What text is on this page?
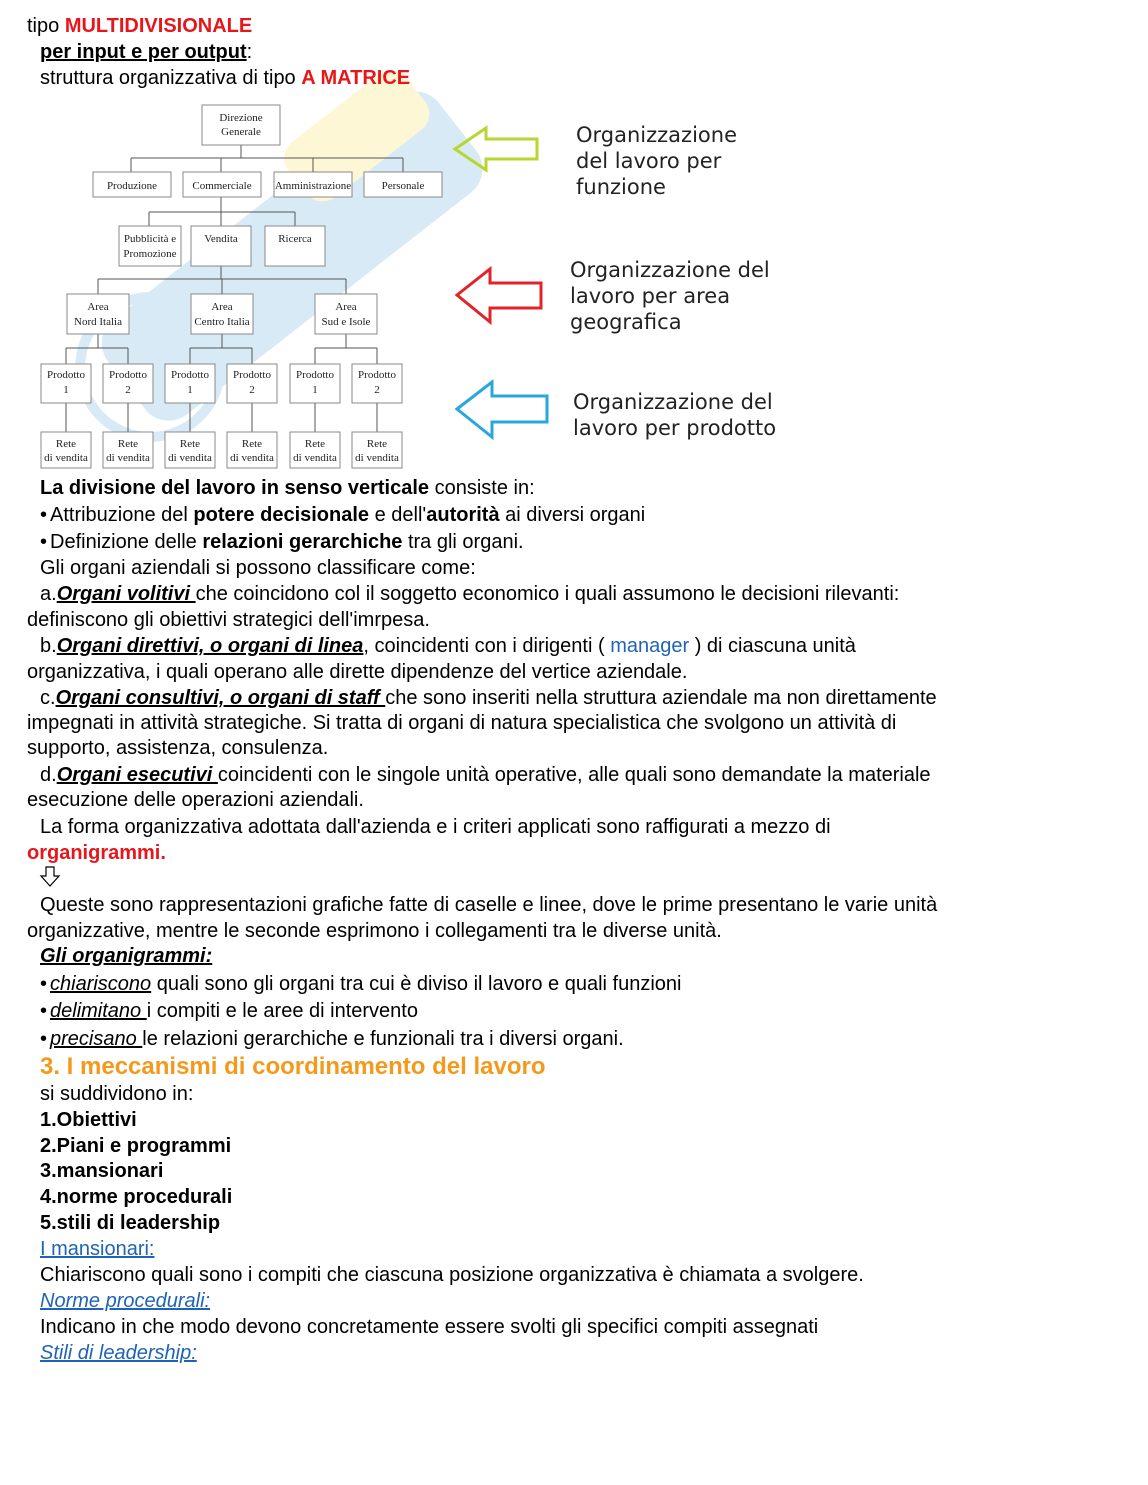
tipo MULTIDIVISIONALE
per input e per output:
struttura organizzativa di tipo A MATRICE
Direzione
Generale
Produzione	Commerciale Amministrazione	Personale
Pubblicità e
Promozione
Vendita	Ricerca
Area
Nord Italia
Area
Centro Italia
Area
Sud e Isole
Prodotto
1
Prodotto
2
Prodotto
1
Prodotto
2
Prodotto
1
Prodotto
2
Rete
di vendita
Rete
di vendita
Rete
di vendita
Rete
di vendita
Rete
di vendita
Rete
di vendita
Organizzazione
del lavoro per
funzione
Organizzazione del
lavoro per area
geografica
Organizzazione del
lavoro per prodotto
La divisione del lavoro in senso verticale consiste in:
• Attribuzione del potere decisionale e dell'autorità ai diversi organi
• Definizione delle relazioni gerarchiche tra gli organi.
Gli organi aziendali si possono classificare come:
a.Organi volitivi che coincidono col il soggetto economico i quali assumono le decisioni rilevanti:
definiscono gli obiettivi strategici dell'imrpesa.
b.Organi direttivi, o organi di linea, coincidenti con i dirigenti ( manager ) di ciascuna unità
organizzativa, i quali operano alle dirette dipendenze del vertice aziendale.
c.Organi consultivi, o organi di staff che sono inseriti nella struttura aziendale ma non direttamente
impegnati in attività strategiche. Si tratta di organi di natura specialistica che svolgono un attività di
supporto, assistenza, consulenza.
d.Organi esecutivi coincidenti con le singole unità operative, alle quali sono demandate la materiale
esecuzione delle operazioni aziendali.
La forma organizzativa adottata dall'azienda e i criteri applicati sono raffigurati a mezzo di
organigrammi.
Queste sono rappresentazioni grafiche fatte di caselle e linee, dove le prime presentano le varie unità
organizzative, mentre le seconde esprimono i collegamenti tra le diverse unità.
Gli organigrammi:
• chiariscono quali sono gli organi tra cui è diviso il lavoro e quali funzioni
• delimitano i compiti e le aree di intervento
• precisano le relazioni gerarchiche e funzionali tra i diversi organi.
3. I meccanismi di coordinamento del lavoro
si suddividono in:
1.Obiettivi
2.Piani e programmi
3.mansionari
4.norme procedurali
5.stili di leadership
I mansionari:
Chiariscono quali sono i compiti che ciascuna posizione organizzativa è chiamata a svolgere.
Norme procedurali:
Indicano in che modo devono concretamente essere svolti gli specifici compiti assegnati
Stili di leadership:
